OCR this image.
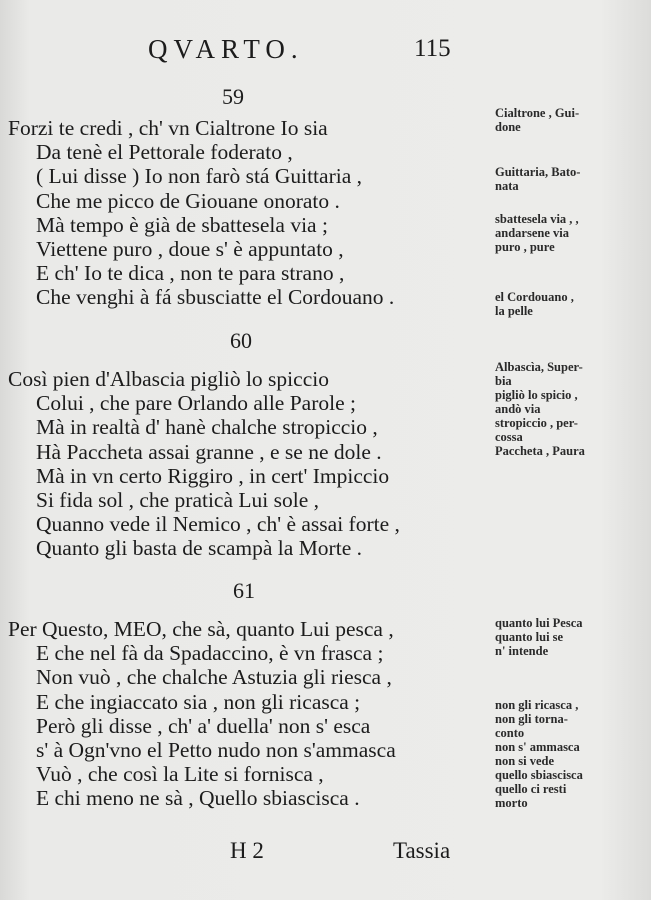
QVARTO.	115
59
Forzi te credi , ch' vn Cialtrone Io sia
Da tenè el Pettorale foderato ,
( Lui disse ) Io non farò stá Guittaria ,
Che me picco de Giouane onorato .
Mà tempo è già de sbattesela via ;
Viettene puro , doue s' è appuntato ,
E ch' Io te dica , non te para strano ,
Che venghi à fá sbusciatte el Cordouano .
60
Così pien d'Albascia pigliò lo spiccio
Colui , che pare Orlando alle Parole ;
Mà in realtà d' hanè chalche stropiccio ,
Hà Paccheta assai granne , e se ne dole .
Mà in vn certo Riggiro , in cert' Impiccio
Si fida sol , che praticà Lui sole ,
Quanno vede il Nemico , ch' è assai forte ,
Quanto gli basta de scampà la Morte .
61
Per Questo, MEO, che sà, quanto Lui pesca ,
E che nel fà da Spadaccino, è vn frasca ;
Non vuò , che chalche Astuzia gli riesca ,
E che ingiaccato sia , non gli ricasca ;
Però gli disse , ch' a' duella' non s' esca
s' à Ogn'vno el Petto nudo non s'ammasca
Vuò , che così la Lite si fornisca ,
E chi meno ne sà , Quello sbiascisca .
Cialtrone , Gui-
done
Guittaria, Bato-
nata
sbattesela via , ,
andarsene via
puro , pure
el Cordouano ,
la pelle
Albascìa, Super-
bia
pigliò lo spicio ,
andò via
stropiccio , per-
cossa
Paccheta , Paura
quanto lui Pesca
quanto lui se
n' intende
non gli ricasca ,
non gli torna-
conto
non s' ammasca
non si vede
quello sbiascisca
quello ci resti
morto
H 2	Tassia
